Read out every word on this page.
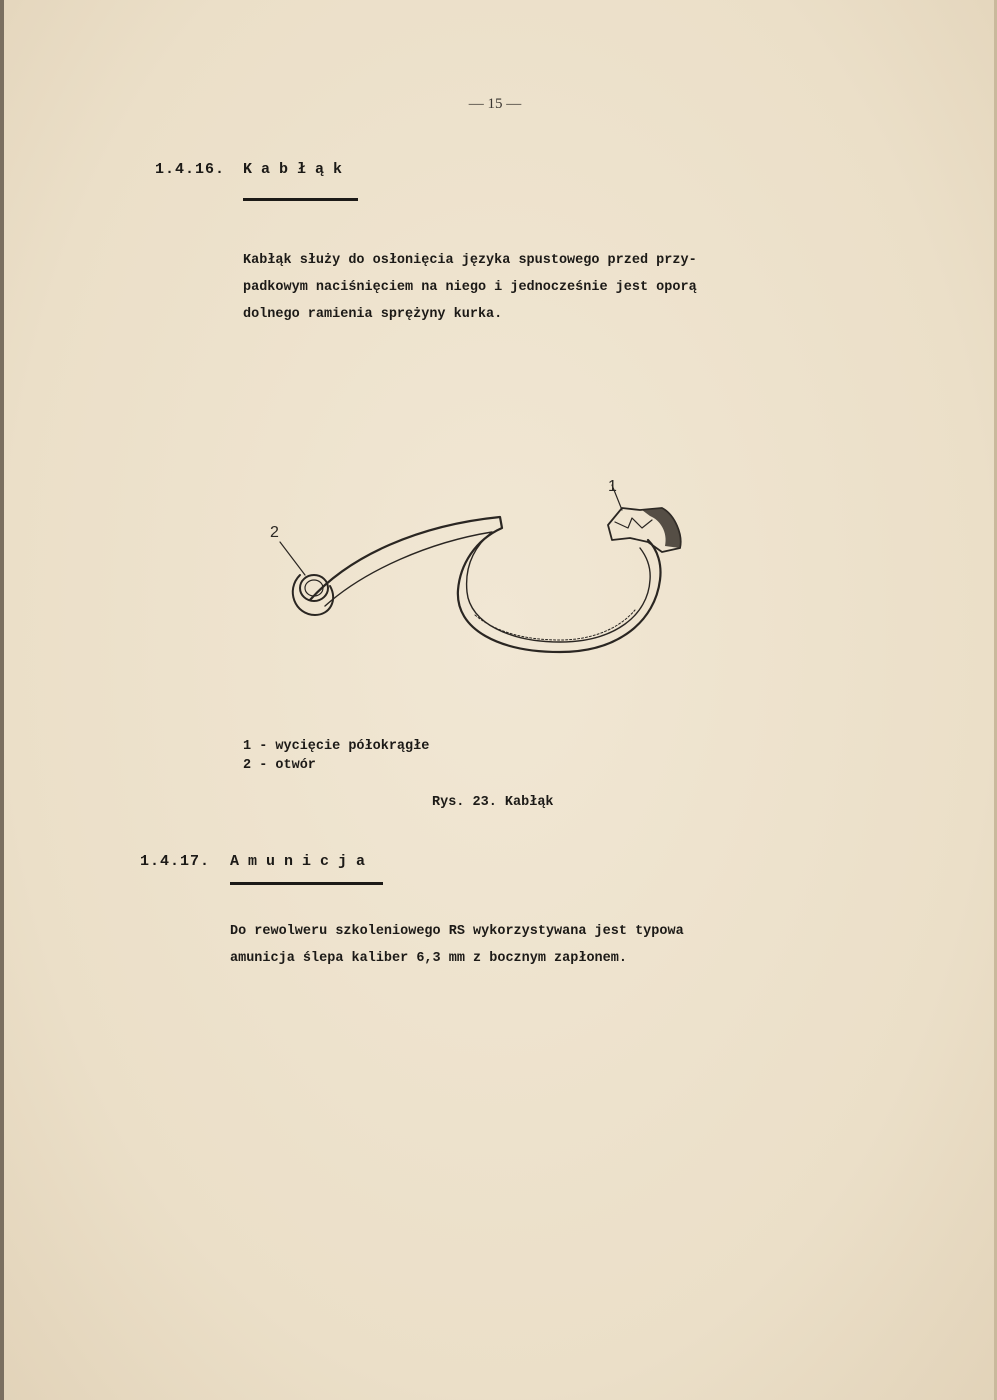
— 15 —
1.4.16. Kabłąk
Kabłąk służy do osłonięcia języka spustowego przed przy-
padkowym naciśnięciem na niego i jednocześnie jest oporą
dolnego ramienia sprężyny kurka.
2
1
1 - wycięcie półokrągłe
2 - otwór
Rys. 23. Kabłąk
1.4.17. Amunicja
Do rewolweru szkoleniowego RS wykorzystywana jest typowa
amunicja ślepa kaliber 6,3 mm z bocznym zapłonem.
